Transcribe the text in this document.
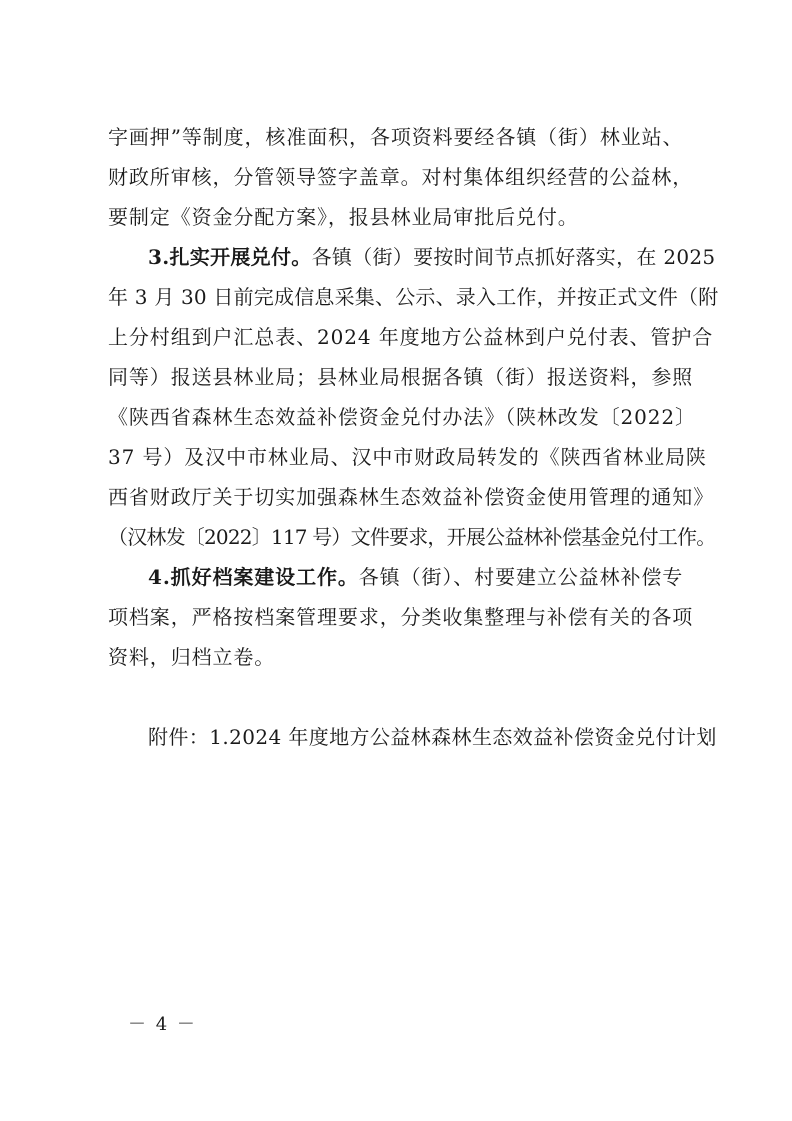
字画押”等制度，核准面积，各项资料要经各镇（街）林业站、
财政所审核，分管领导签字盖章。对村集体组织经营的公益林，
要制定《资金分配方案》，报县林业局审批后兑付。
3.扎实开展兑付。各镇（街）要按时间节点抓好落实，在 2025
年 3 月 30 日前完成信息采集、公示、录入工作，并按正式文件（附
上分村组到户汇总表、2024 年度地方公益林到户兑付表、管护合
同等）报送县林业局；县林业局根据各镇（街）报送资料，参照
《陕西省森林生态效益补偿资金兑付办法》（陕林改发〔2022〕
37 号）及汉中市林业局、汉中市财政局转发的《陕西省林业局陕
西省财政厅关于切实加强森林生态效益补偿资金使用管理的通知》
（汉林发〔2022〕117 号）文件要求，开展公益林补偿基金兑付工作。
4.抓好档案建设工作。各镇（街）、村要建立公益林补偿专
项档案，严格按档案管理要求，分类收集整理与补偿有关的各项
资料，归档立卷。
附件：1.2024 年度地方公益林森林生态效益补偿资金兑付计划
－ 4 －
